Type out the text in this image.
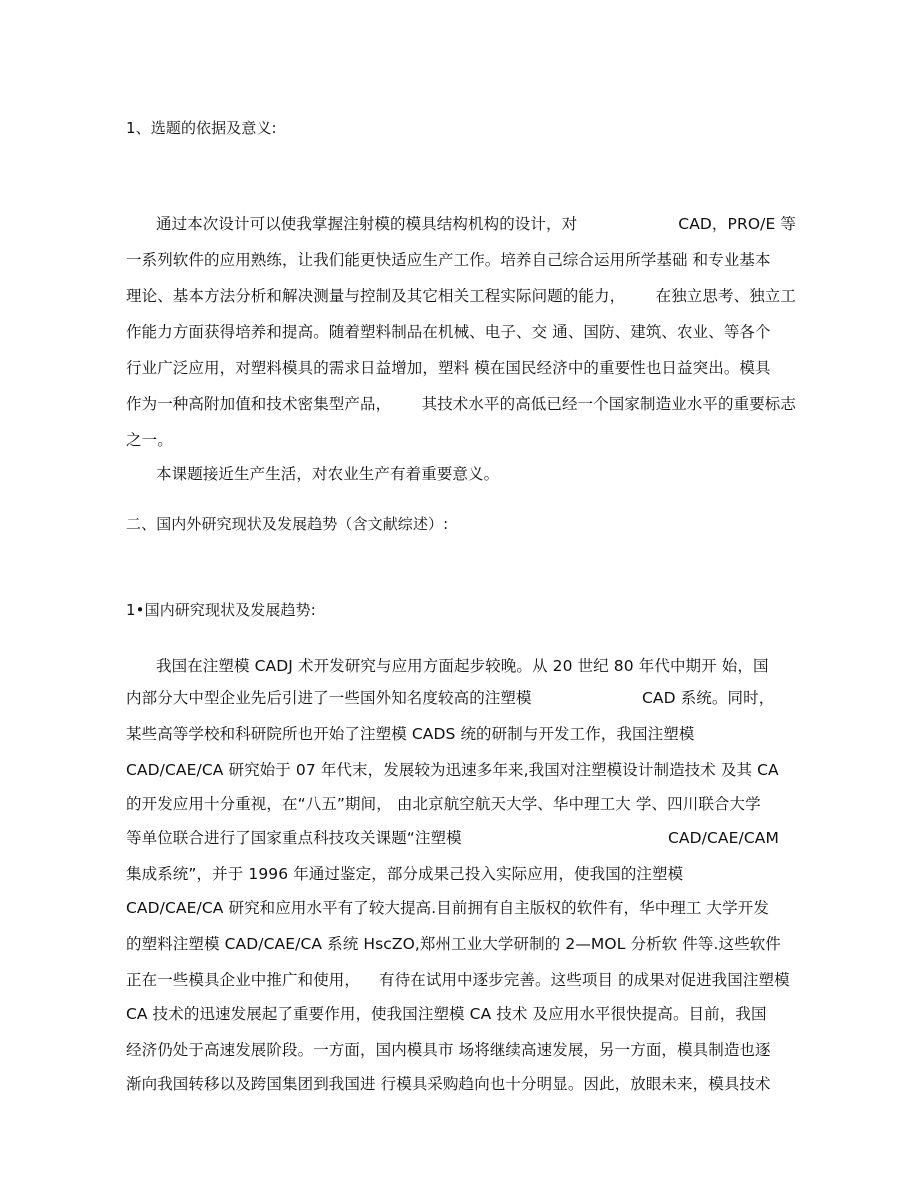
1、选题的依据及意义:
通过本次设计可以使我掌握注射模的模具结构机构的设计，对	CAD，PRO/E 等
一系列软件的应用熟练，让我们能更快适应生产工作。培养自己综合运用所学基础 和专业基本
理论、基本方法分析和解决测量与控制及其它相关工程实际问题的能力， 在独立思考、独立工
作能力方面获得培养和提高。随着塑料制品在机械、电子、交 通、国防、建筑、农业、等各个
行业广泛应用，对塑料模具的需求日益增加，塑料 模在国民经济中的重要性也日益突出。模具
作为一种高附加值和技术密集型产品， 其技术水平的高低已经一个国家制造业水平的重要标志
之一。
本课题接近生产生活，对农业生产有着重要意义。
二、国内外研究现状及发展趋势（含文献综述）:
1•国内研究现状及发展趋势:
我国在注塑模 CADJ 术开发研究与应用方面起步较晚。从 20 世纪 80 年代中期开 始，国
内部分大中型企业先后引进了一些国外知名度较高的注塑模	CAD 系统。同时，
某些高等学校和科研院所也开始了注塑模 CADS 统的研制与开发工作，我国注塑模
CAD/CAE/CA 研究始于 07 年代末，发展较为迅速多年来,我国对注塑模设计制造技术 及其 CA
的开发应用十分重视，在“八五”期间， 由北京航空航天大学、华中理工大 学、四川联合大学
等单位联合进行了国家重点科技攻关课题“注塑模	CAD/CAE/CAM
集成系统”，并于 1996 年通过鉴定，部分成果己投入实际应用，使我国的注塑模
CAD/CAE/CA 研究和应用水平有了较大提高.目前拥有自主版权的软件有，华中理工 大学开发
的塑料注塑模 CAD/CAE/CA 系统 HscZO,郑州工业大学研制的 2—MOL 分析软 件等.这些软件
正在一些模具企业中推广和使用， 有待在试用中逐步完善。这些项目 的成果对促进我国注塑模
CA 技术的迅速发展起了重要作用，使我国注塑模 CA 技术 及应用水平很快提高。目前，我国
经济仍处于高速发展阶段。一方面，国内模具市 场将继续高速发展，另一方面，模具制造也逐
渐向我国转移以及跨国集团到我国进 行模具采购趋向也十分明显。因此，放眼未来，模具技术
